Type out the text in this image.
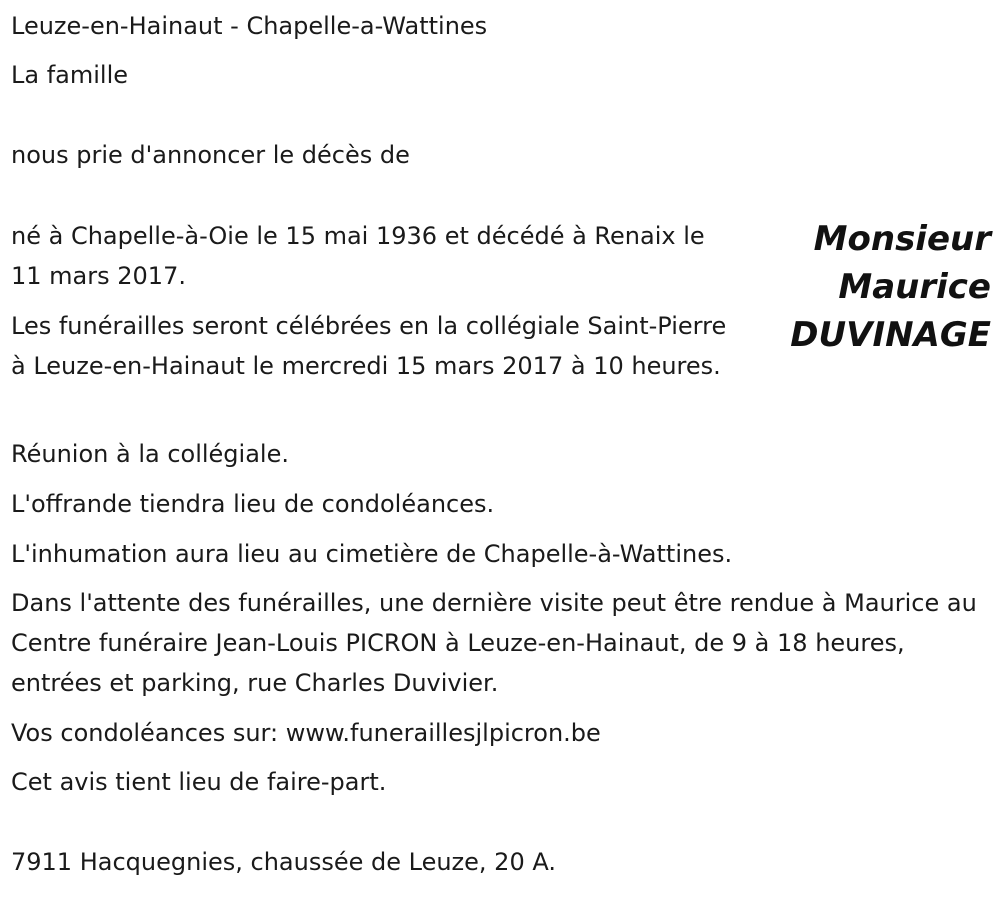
Leuze-en-Hainaut - Chapelle-a-Wattines
La famille
nous prie d'annoncer le décès de
Monsieur
Maurice
DUVINAGE
né à Chapelle-à-Oie le 15 mai 1936 et décédé à Renaix le 11 mars 2017.
Les funérailles seront célébrées en la collégiale Saint-Pierre à Leuze-en-Hainaut le mercredi 15 mars 2017 à 10 heures.
Réunion à la collégiale.
L'offrande tiendra lieu de condoléances.
L'inhumation aura lieu au cimetière de Chapelle-à-Wattines.
Dans l'attente des funérailles, une dernière visite peut être rendue à Maurice au Centre funéraire Jean-Louis PICRON à Leuze-en-Hainaut, de 9 à 18 heures, entrées et parking, rue Charles Duvivier.
Vos condoléances sur: www.funeraillesjlpicron.be
Cet avis tient lieu de faire-part.
7911 Hacquegnies, chaussée de Leuze, 20 A.
